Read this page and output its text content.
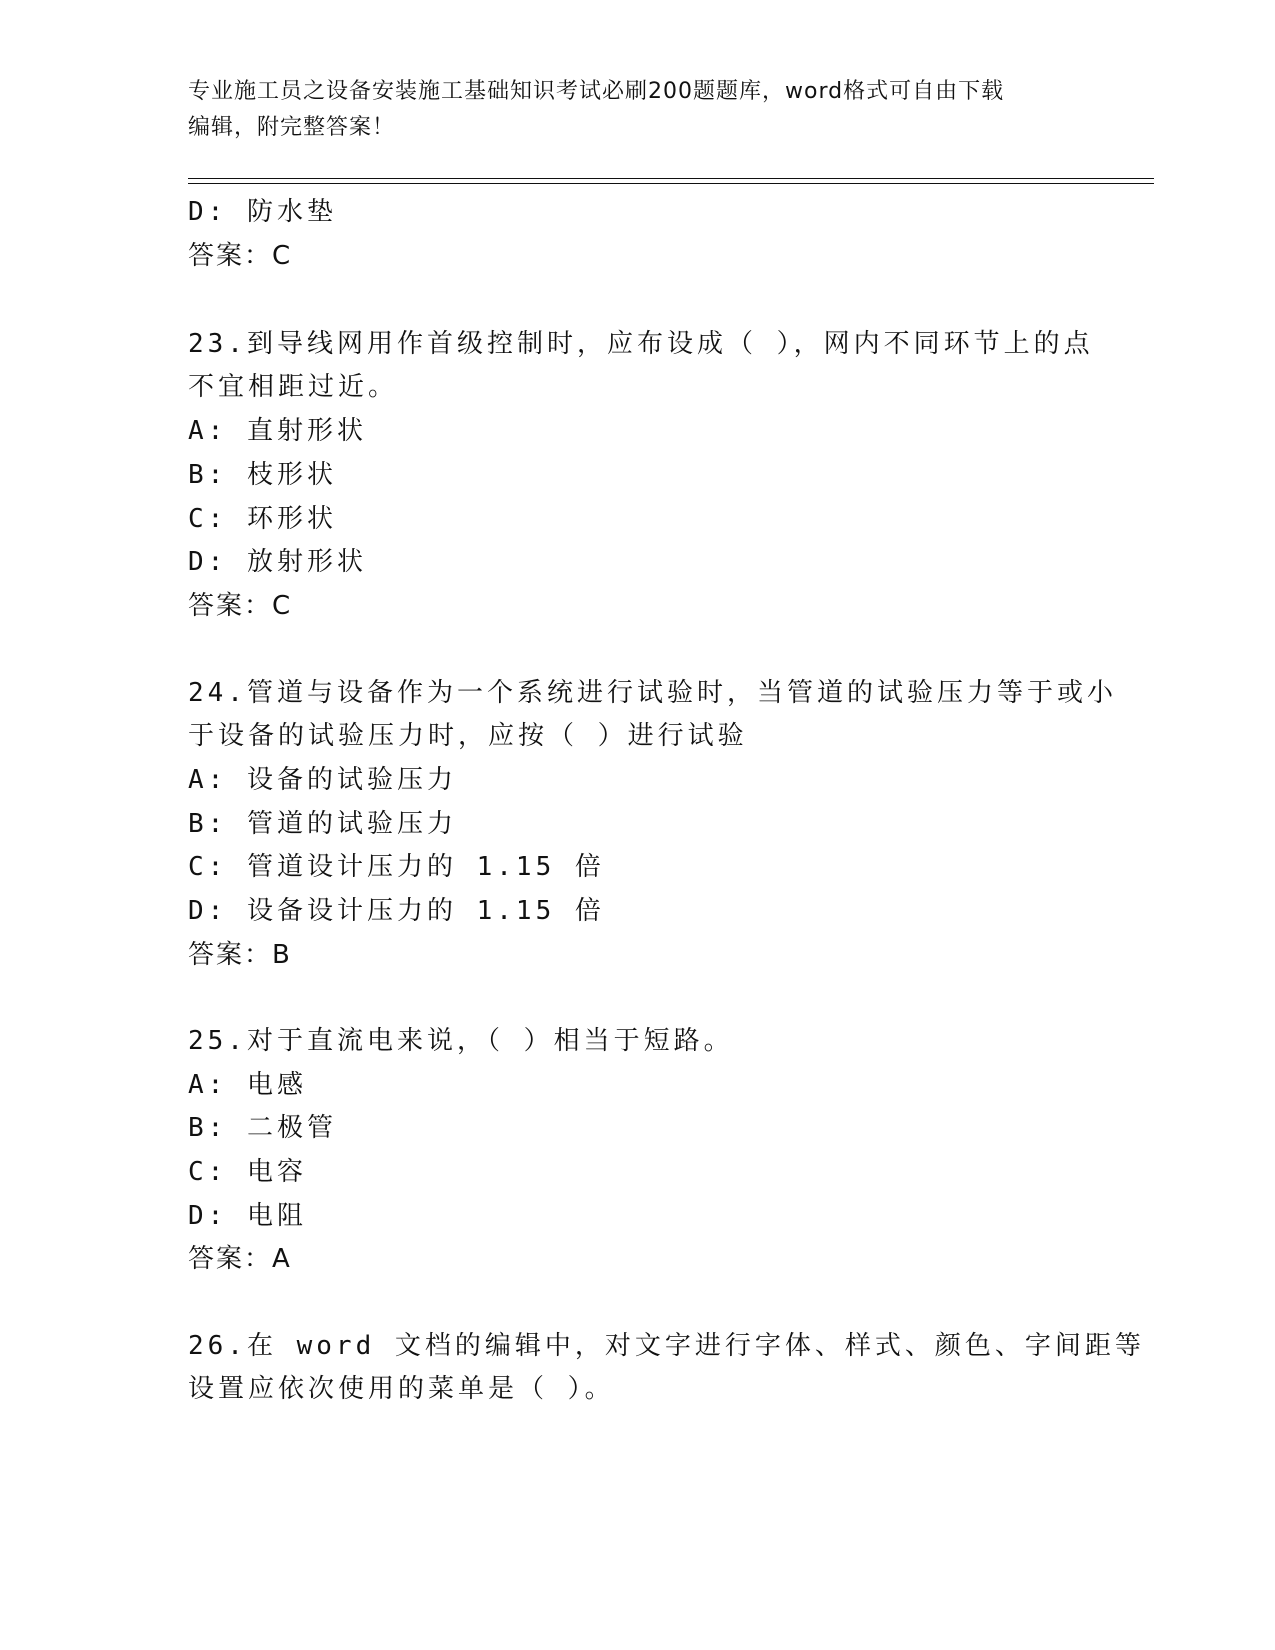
专业施工员之设备安装施工基础知识考试必刷200题题库，word格式可自由下载
编辑，附完整答案！
D: 防水垫
答案：C
23.到导线网用作首级控制时，应布设成（ ），网内不同环节上的点
不宜相距过近。
A: 直射形状
B: 枝形状
C: 环形状
D: 放射形状
答案：C
24.管道与设备作为一个系统进行试验时，当管道的试验压力等于或小
于设备的试验压力时，应按（ ）进行试验
A: 设备的试验压力
B: 管道的试验压力
C: 管道设计压力的 1.15 倍
D: 设备设计压力的 1.15 倍
答案：B
25.对于直流电来说，（ ）相当于短路。
A: 电感
B: 二极管
C: 电容
D: 电阻
答案：A
26.在 word 文档的编辑中，对文字进行字体、样式、颜色、字间距等
设置应依次使用的菜单是（ ）。
